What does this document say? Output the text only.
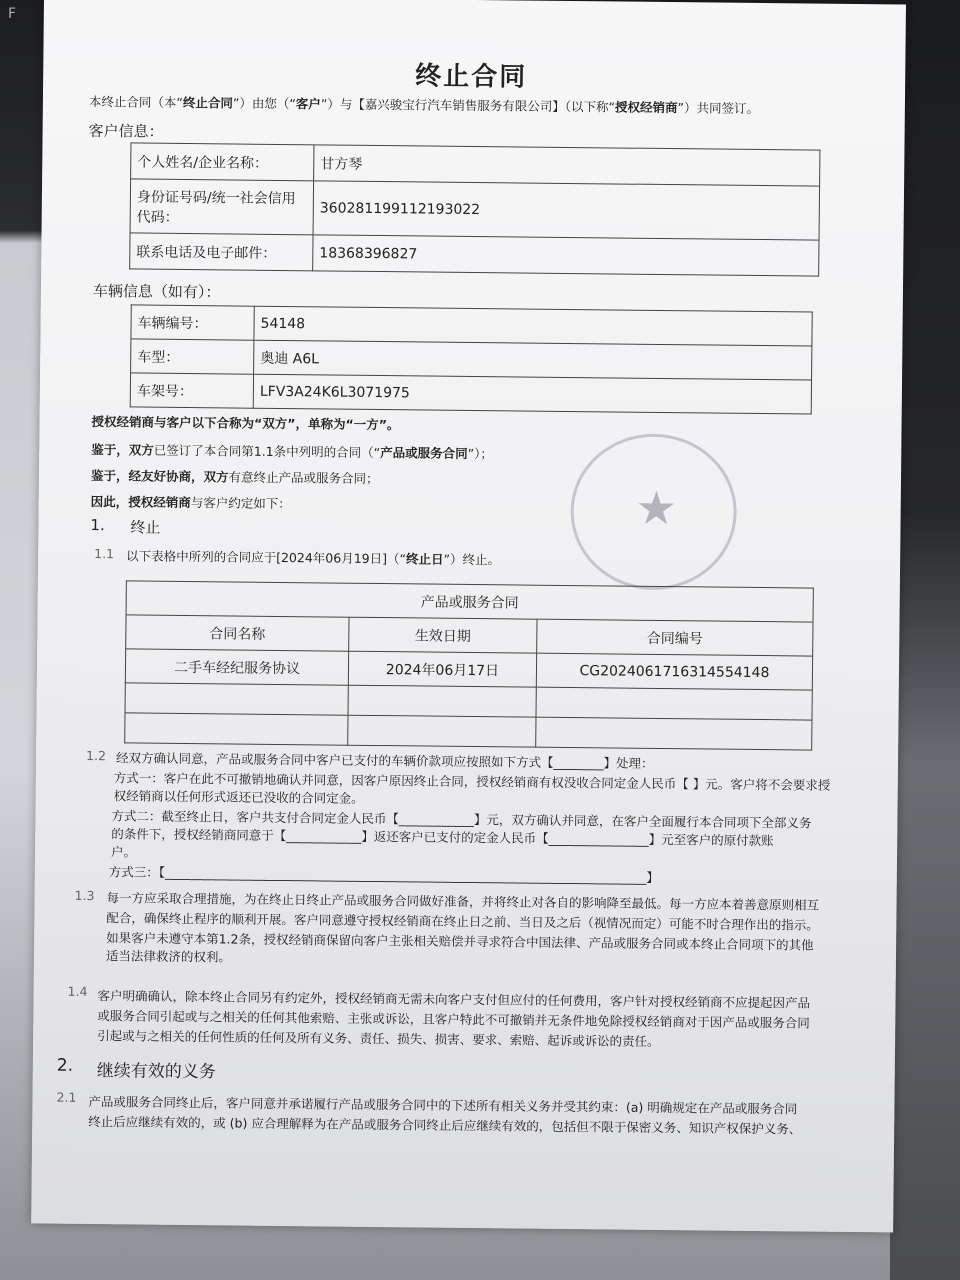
F
终止合同
本终止合同（本“终止合同”）由您（“客户”）与【嘉兴骏宝行汽车销售服务有限公司】（以下称“授权经销商”）共同签订。
客户信息：
个人姓名/企业名称：	甘方琴
身份证号码/统一社会信用代码：	360281199112193022
联系电话及电子邮件：	18368396827
车辆信息（如有）：
车辆编号：	54148
车型：	奥迪 A6L
车架号：	LFV3A24K6L3071975
授权经销商与客户以下合称为“双方”，单称为“一方”。
鉴于，双方已签订了本合同第1.1条中列明的合同（“产品或服务合同”）；
鉴于，经友好协商，双方有意终止产品或服务合同；
因此，授权经销商与客户约定如下：	★
1. 终止
1.1 以下表格中所列的合同应于[2024年06月19日]（“终止日”）终止。
产品或服务合同		
合同名称	生效日期	合同编号
二手车经纪服务协议	2024年06月17日	CG2024061716314554148

1.2 经双方确认同意，产品或服务合同中客户已支付的车辆价款项应按照如下方式【________】处理：
方式一：客户在此不可撤销地确认并同意，因客户原因终止合同，授权经销商有权没收合同定金人民币【 】元。客户将不会要求授
权经销商以任何形式返还已没收的合同定金。
方式二：截至终止日，客户共支付合同定金人民币【____________】元，双方确认并同意，在客户全面履行本合同项下全部义务
的条件下，授权经销商同意于【____________】返还客户已支付的定金人民币【________________】元至客户的原付款账
户。
方式三：【_____________________________________________________________________________】
1.3 每一方应采取合理措施，为在终止日终止产品或服务合同做好准备，并将终止对各自的影响降至最低。每一方应本着善意原则相互
配合，确保终止程序的顺利开展。客户同意遵守授权经销商在终止日之前、当日及之后（视情况而定）可能不时合理作出的指示。
如果客户未遵守本第1.2条，授权经销商保留向客户主张相关赔偿并寻求符合中国法律、产品或服务合同或本终止合同项下的其他
适当法律救济的权利。
1.4 客户明确确认，除本终止合同另有约定外，授权经销商无需未向客户支付但应付的任何费用，客户针对授权经销商不应提起因产品
或服务合同引起或与之相关的任何其他索赔、主张或诉讼，且客户特此不可撤销并无条件地免除授权经销商对于因产品或服务合同
引起或与之相关的任何性质的任何及所有义务、责任、损失、损害、要求、索赔、起诉或诉讼的责任。
2. 继续有效的义务
2.1 产品或服务合同终止后，客户同意并承诺履行产品或服务合同中的下述所有相关义务并受其约束：(a) 明确规定在产品或服务合同
终止后应继续有效的，或 (b) 应合理解释为在产品或服务合同终止后应继续有效的，包括但不限于保密义务、知识产权保护义务、
